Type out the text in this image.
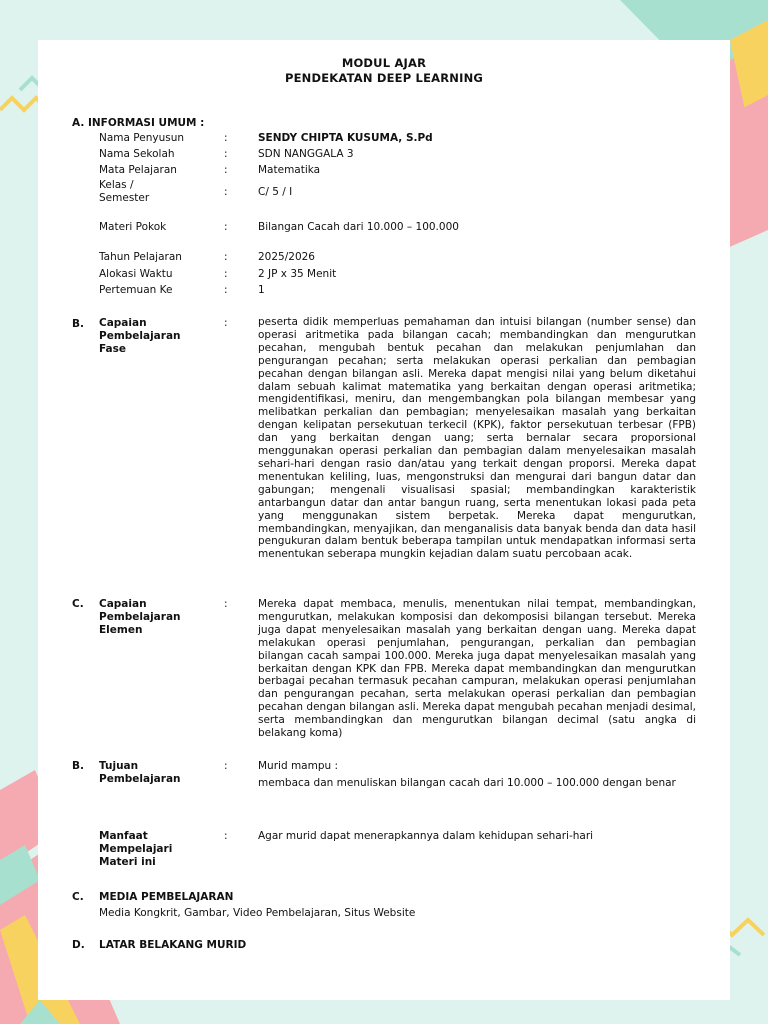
MODUL AJAR
PENDEKATAN DEEP LEARNING
A. INFORMASI UMUM :
Nama Penyusun	:	SENDY CHIPTA KUSUMA, S.Pd
Nama Sekolah	:	SDN NANGGALA 3
Mata Pelajaran	:	Matematika
Kelas /
Semester	:	C/ 5 / I
Materi Pokok	:	Bilangan Cacah dari 10.000 – 100.000
Tahun Pelajaran	:	2025/2026
Alokasi Waktu	:	2 JP x 35 Menit
Pertemuan Ke	:	1
B. Capaian
Pembelajaran
Fase
:	peserta didik memperluas pemahaman dan intuisi bilangan (number sense) dan operasi aritmetika pada bilangan cacah; membandingkan dan mengurutkan pecahan, mengubah bentuk pecahan dan melakukan penjumlahan dan pengurangan pecahan; serta melakukan operasi perkalian dan pembagian pecahan dengan bilangan asli. Mereka dapat mengisi nilai yang belum diketahui dalam sebuah kalimat matematika yang berkaitan dengan operasi aritmetika; mengidentifikasi, meniru, dan mengembangkan pola bilangan membesar yang melibatkan perkalian dan pembagian; menyelesaikan masalah yang berkaitan dengan kelipatan persekutuan terkecil (KPK), faktor persekutuan terbesar (FPB) dan yang berkaitan dengan uang; serta bernalar secara proporsional menggunakan operasi perkalian dan pembagian dalam menyelesaikan masalah sehari-hari dengan rasio dan/atau yang terkait dengan proporsi. Mereka dapat menentukan keliling, luas, mengonstruksi dan mengurai dari bangun datar dan gabungan; mengenali visualisasi spasial; membandingkan karakteristik antarbangun datar dan antar bangun ruang, serta menentukan lokasi pada peta yang menggunakan sistem berpetak. Mereka dapat mengurutkan, membandingkan, menyajikan, dan menganalisis data banyak benda dan data hasil pengukuran dalam bentuk beberapa tampilan untuk mendapatkan informasi serta menentukan seberapa mungkin kejadian dalam suatu percobaan acak.
C. Capaian
Pembelajaran
Elemen
:	Mereka dapat membaca, menulis, menentukan nilai tempat, membandingkan, mengurutkan, melakukan komposisi dan dekomposisi bilangan tersebut. Mereka juga dapat menyelesaikan masalah yang berkaitan dengan uang. Mereka dapat melakukan operasi penjumlahan, pengurangan, perkalian dan pembagian bilangan cacah sampai 100.000. Mereka juga dapat menyelesaikan masalah yang berkaitan dengan KPK dan FPB. Mereka dapat membandingkan dan mengurutkan berbagai pecahan termasuk pecahan campuran, melakukan operasi penjumlahan dan pengurangan pecahan, serta melakukan operasi perkalian dan pembagian pecahan dengan bilangan asli. Mereka dapat mengubah pecahan menjadi desimal, serta membandingkan dan mengurutkan bilangan decimal (satu angka di belakang koma)
B. Tujuan
Pembelajaran
:	Murid mampu :
membaca dan menuliskan bilangan cacah dari 10.000 – 100.000 dengan benar
Manfaat
Mempelajari
Materi ini
:	Agar murid dapat menerapkannya dalam kehidupan sehari-hari
C. MEDIA PEMBELAJARAN
Media Kongkrit, Gambar, Video Pembelajaran, Situs Website
D. LATAR BELAKANG MURID
